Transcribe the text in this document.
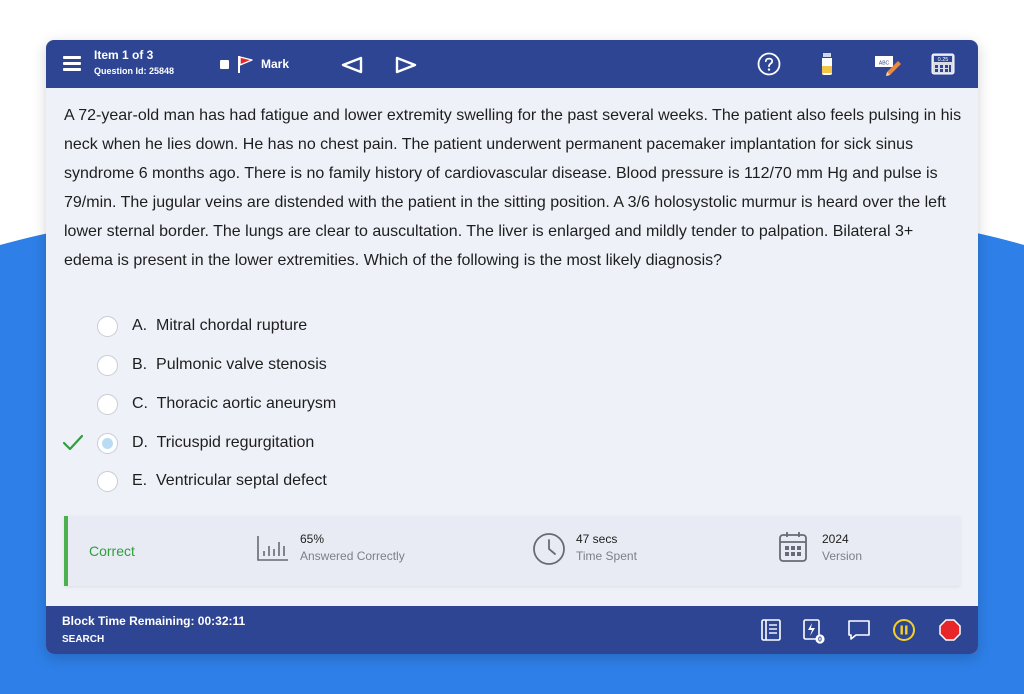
Item 1 of 3
Question Id: 25848	Mark	ABC
0.25
A 72-year-old man has had fatigue and lower extremity swelling for the past several weeks. The patient also feels pulsing in his neck when he lies down. He has no chest pain. The patient underwent permanent pacemaker implantation for sick sinus syndrome 6 months ago. There is no family history of cardiovascular disease. Blood pressure is 112/70 mm Hg and pulse is 79/min. The jugular veins are distended with the patient in the sitting position. A 3/6 holosystolic murmur is heard over the left lower sternal border. The lungs are clear to auscultation. The liver is enlarged and mildly tender to palpation. Bilateral 3+ edema is present in the lower extremities. Which of the following is the most likely diagnosis?
A. Mitral chordal rupture
B. Pulmonic valve stenosis
C. Thoracic aortic aneurysm
D. Tricuspid regurgitation
E. Ventricular septal defect
Correct
65%
Answered Correctly
47 secs
Time Spent
2024
Version
Block Time Remaining: 00:32:11
SEARCH	0
